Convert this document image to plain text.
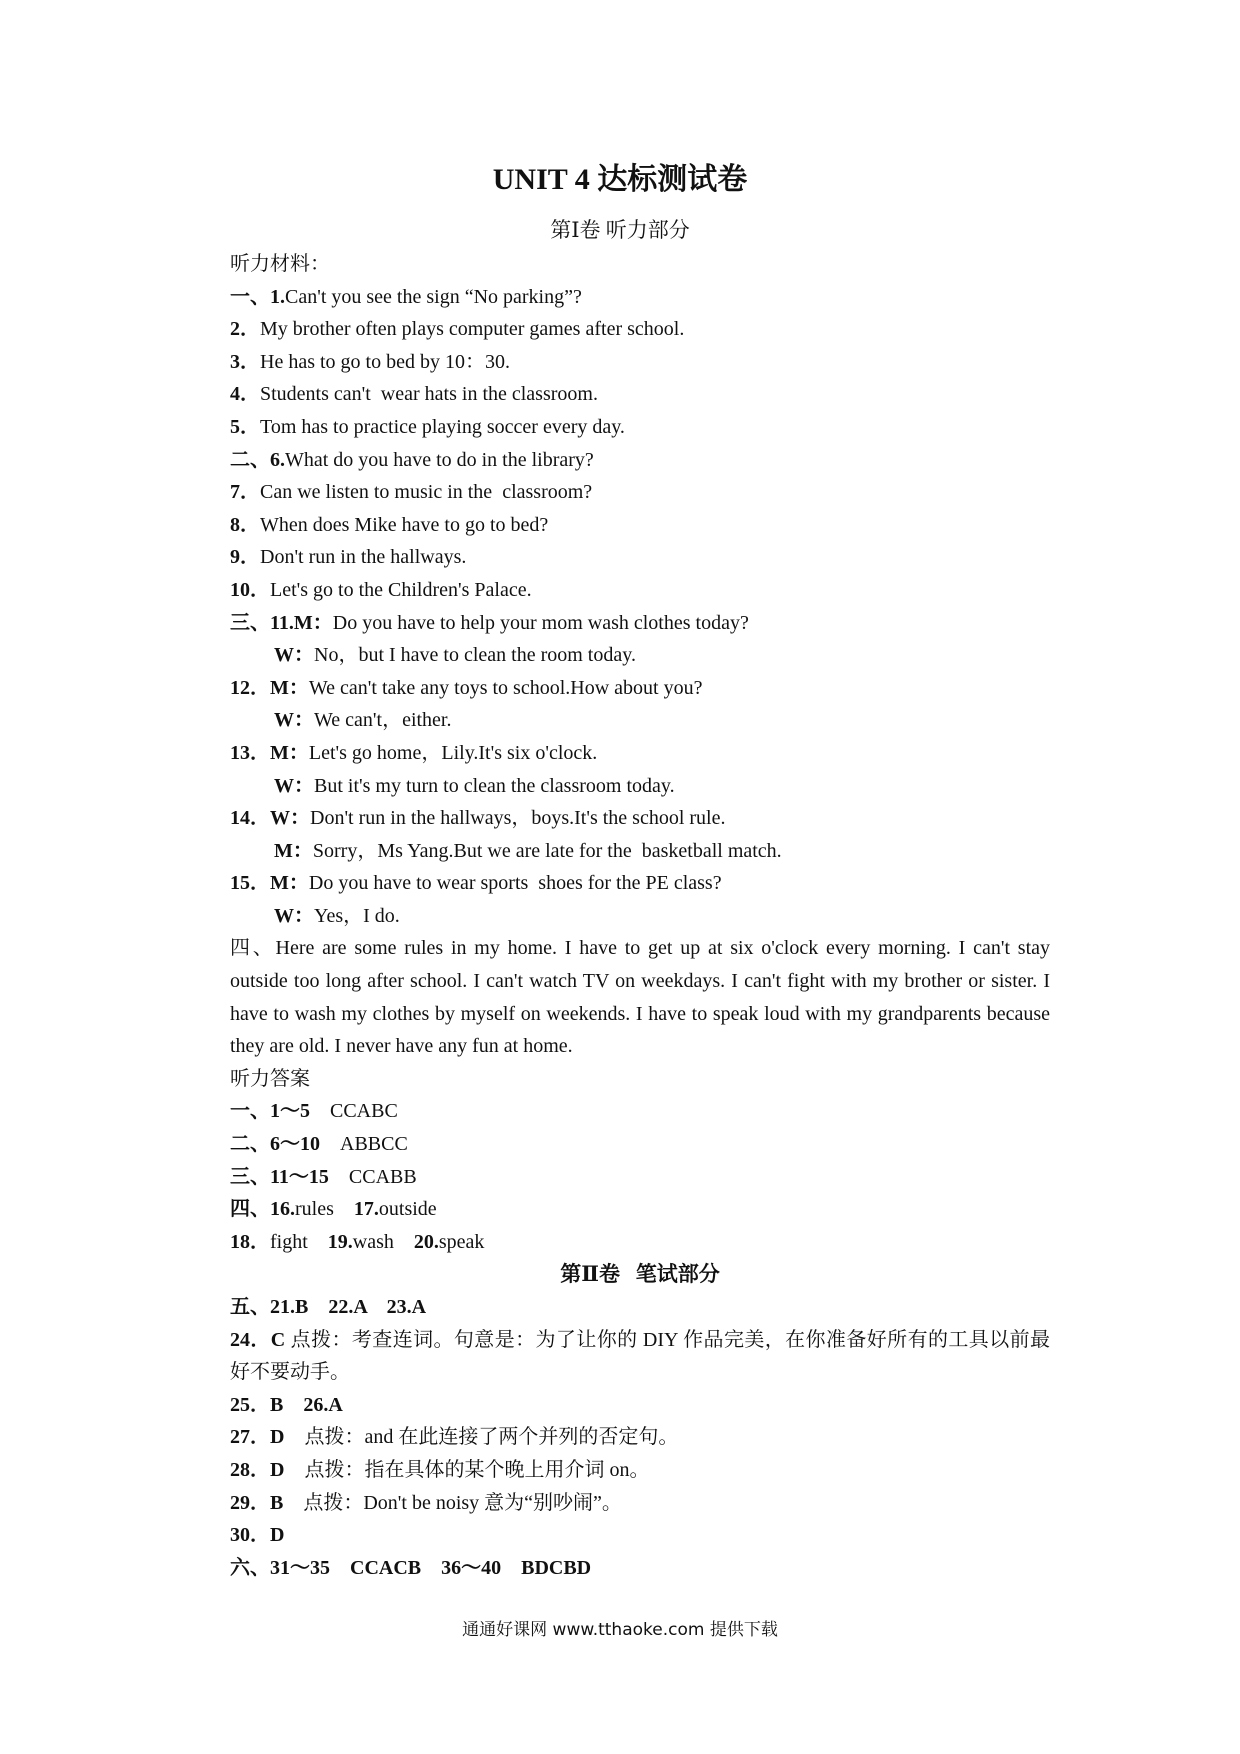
UNIT 4 达标测试卷
第Ⅰ卷 听力部分
听力材料：
一、1.Can't you see the sign “No parking”?
2．My brother often plays computer games after school.
3．He has to go to bed by 10：30.
4．Students can't  wear hats in the classroom.
5．Tom has to practice playing soccer every day.
二、6.What do you have to do in the library?
7．Can we listen to music in the  classroom?
8．When does Mike have to go to bed?
9．Don't run in the hallways.
10．Let's go to the Children's Palace.
三、11.M：Do you have to help your mom wash clothes today?
W：No，but I have to clean the room today.
12．M：We can't take any toys to school.How about you?
W：We can't，either.
13．M：Let's go home，Lily.It's six o'clock.
W：But it's my turn to clean the classroom today.
14．W：Don't run in the hallways，boys.It's the school rule.
M：Sorry，Ms Yang.But we are late for the  basketball match.
15．M：Do you have to wear sports  shoes for the PE class?
W：Yes，I do.
四、Here are some rules in my home. I have to get up at six o'clock every morning. I can't stay outside too long after school. I can't watch TV on weekdays. I can't fight with my brother or sister. I have to wash my clothes by myself on weekends. I have to speak loud with my grandparents because they are old. I never have any fun at home.
听力答案
一、1～5 CCABC
二、6～10 ABBCC
三、11～15 CCABB
四、16.rules 17.outside
18．fight 19.wash 20.speak
第Ⅱ卷   笔试部分
五、21.B    22.A    23.A
24．C 点拨：考查连词。句意是：为了让你的 DIY 作品完美，在你准备好所有的工具以前最好不要动手。
25．B    26.A
27．D 点拨：and 在此连接了两个并列的否定句。
28．D 点拨：指在具体的某个晚上用介词 on。
29．B 点拨：Don't be noisy 意为“别吵闹”。
30．D
六、31～35    CCACB    36～40    BDCBD
通通好课网 www.tthaoke.com 提供下载
